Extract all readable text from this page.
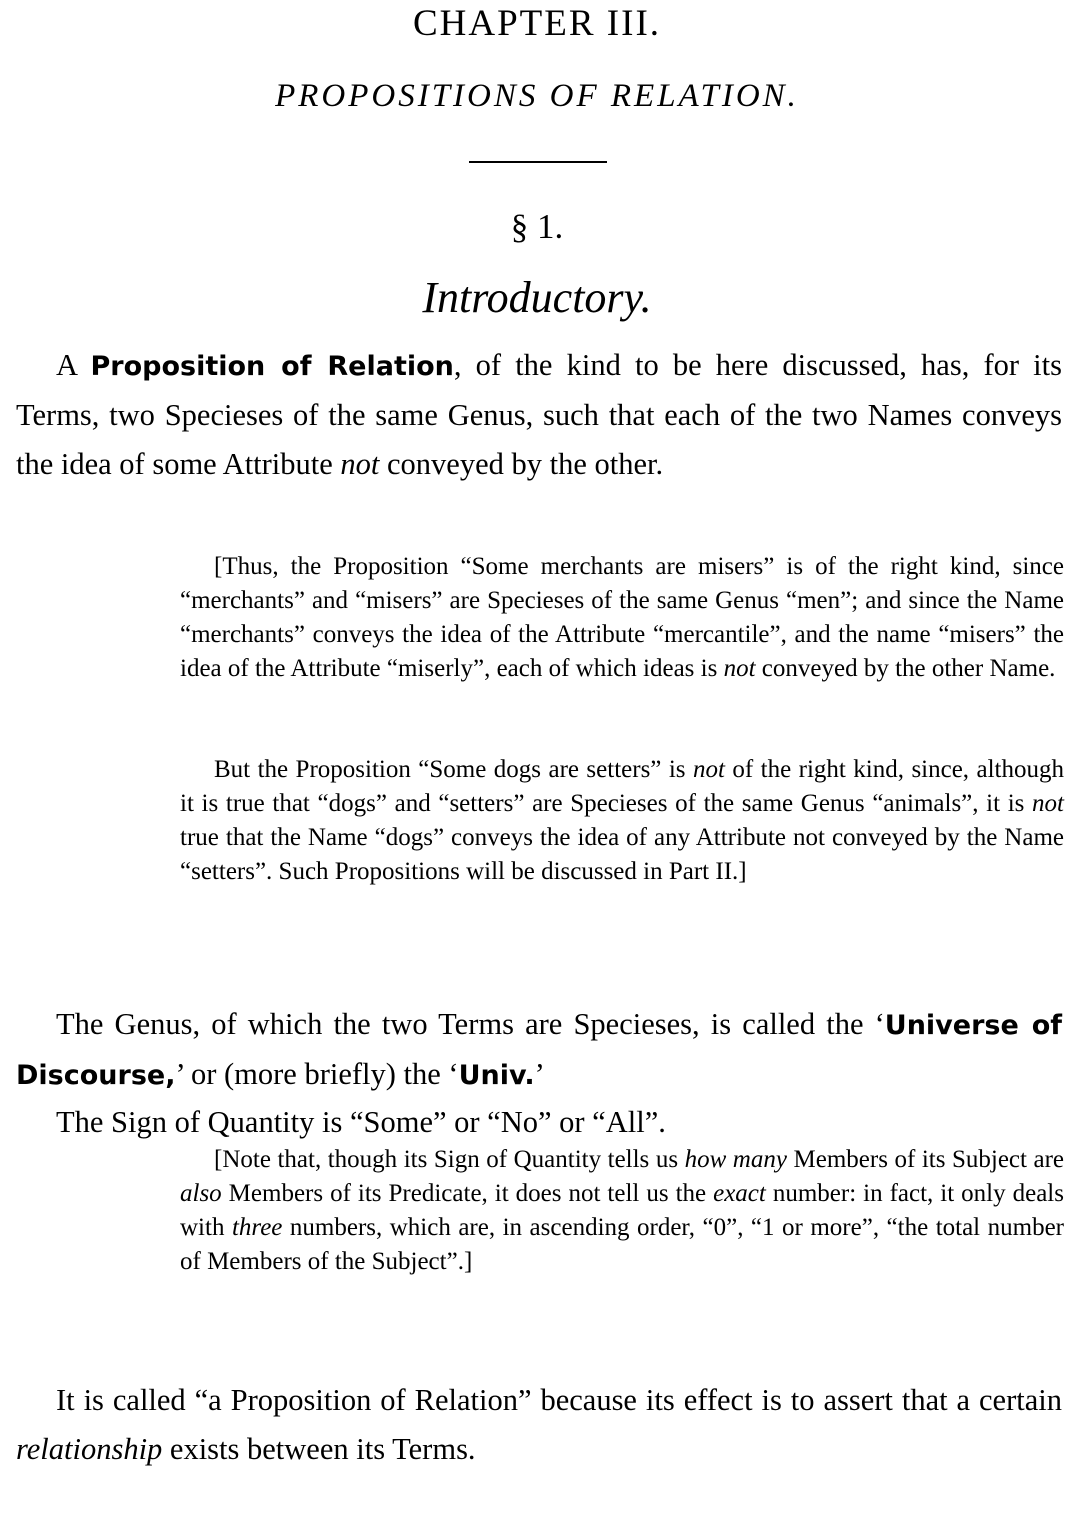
CHAPTER III.
PROPOSITIONS OF RELATION.
§ 1.
Introductory.

A Proposition of Relation, of the kind to be here discussed, has, for its Terms, two Specieses of the same Genus, such that each of the two Names conveys the idea of some Attribute not conveyed by the other.

[Thus, the Proposition “Some merchants are misers” is of the right kind, since “merchants” and “misers” are Specieses of the same Genus “men”; and since the Name “merchants” conveys the idea of the Attribute “mercantile”, and the name “misers” the idea of the Attribute “miserly”, each of which ideas is not conveyed by the other Name.

But the Proposition “Some dogs are setters” is not of the right kind, since, although it is true that “dogs” and “setters” are Specieses of the same Genus “animals”, it is not true that the Name “dogs” conveys the idea of any Attribute not conveyed by the Name “setters”. Such Propositions will be discussed in Part II.]

The Genus, of which the two Terms are Specieses, is called the ‘Universe of Discourse,’ or (more briefly) the ‘Univ.’

The Sign of Quantity is “Some” or “No” or “All”.

[Note that, though its Sign of Quantity tells us how many Members of its Subject are also Members of its Predicate, it does not tell us the exact number: in fact, it only deals with three numbers, which are, in ascending order, “0”, “1 or more”, “the total number of Members of the Subject”.]

It is called “a Proposition of Relation” because its effect is to assert that a certain relationship exists between its Terms.
